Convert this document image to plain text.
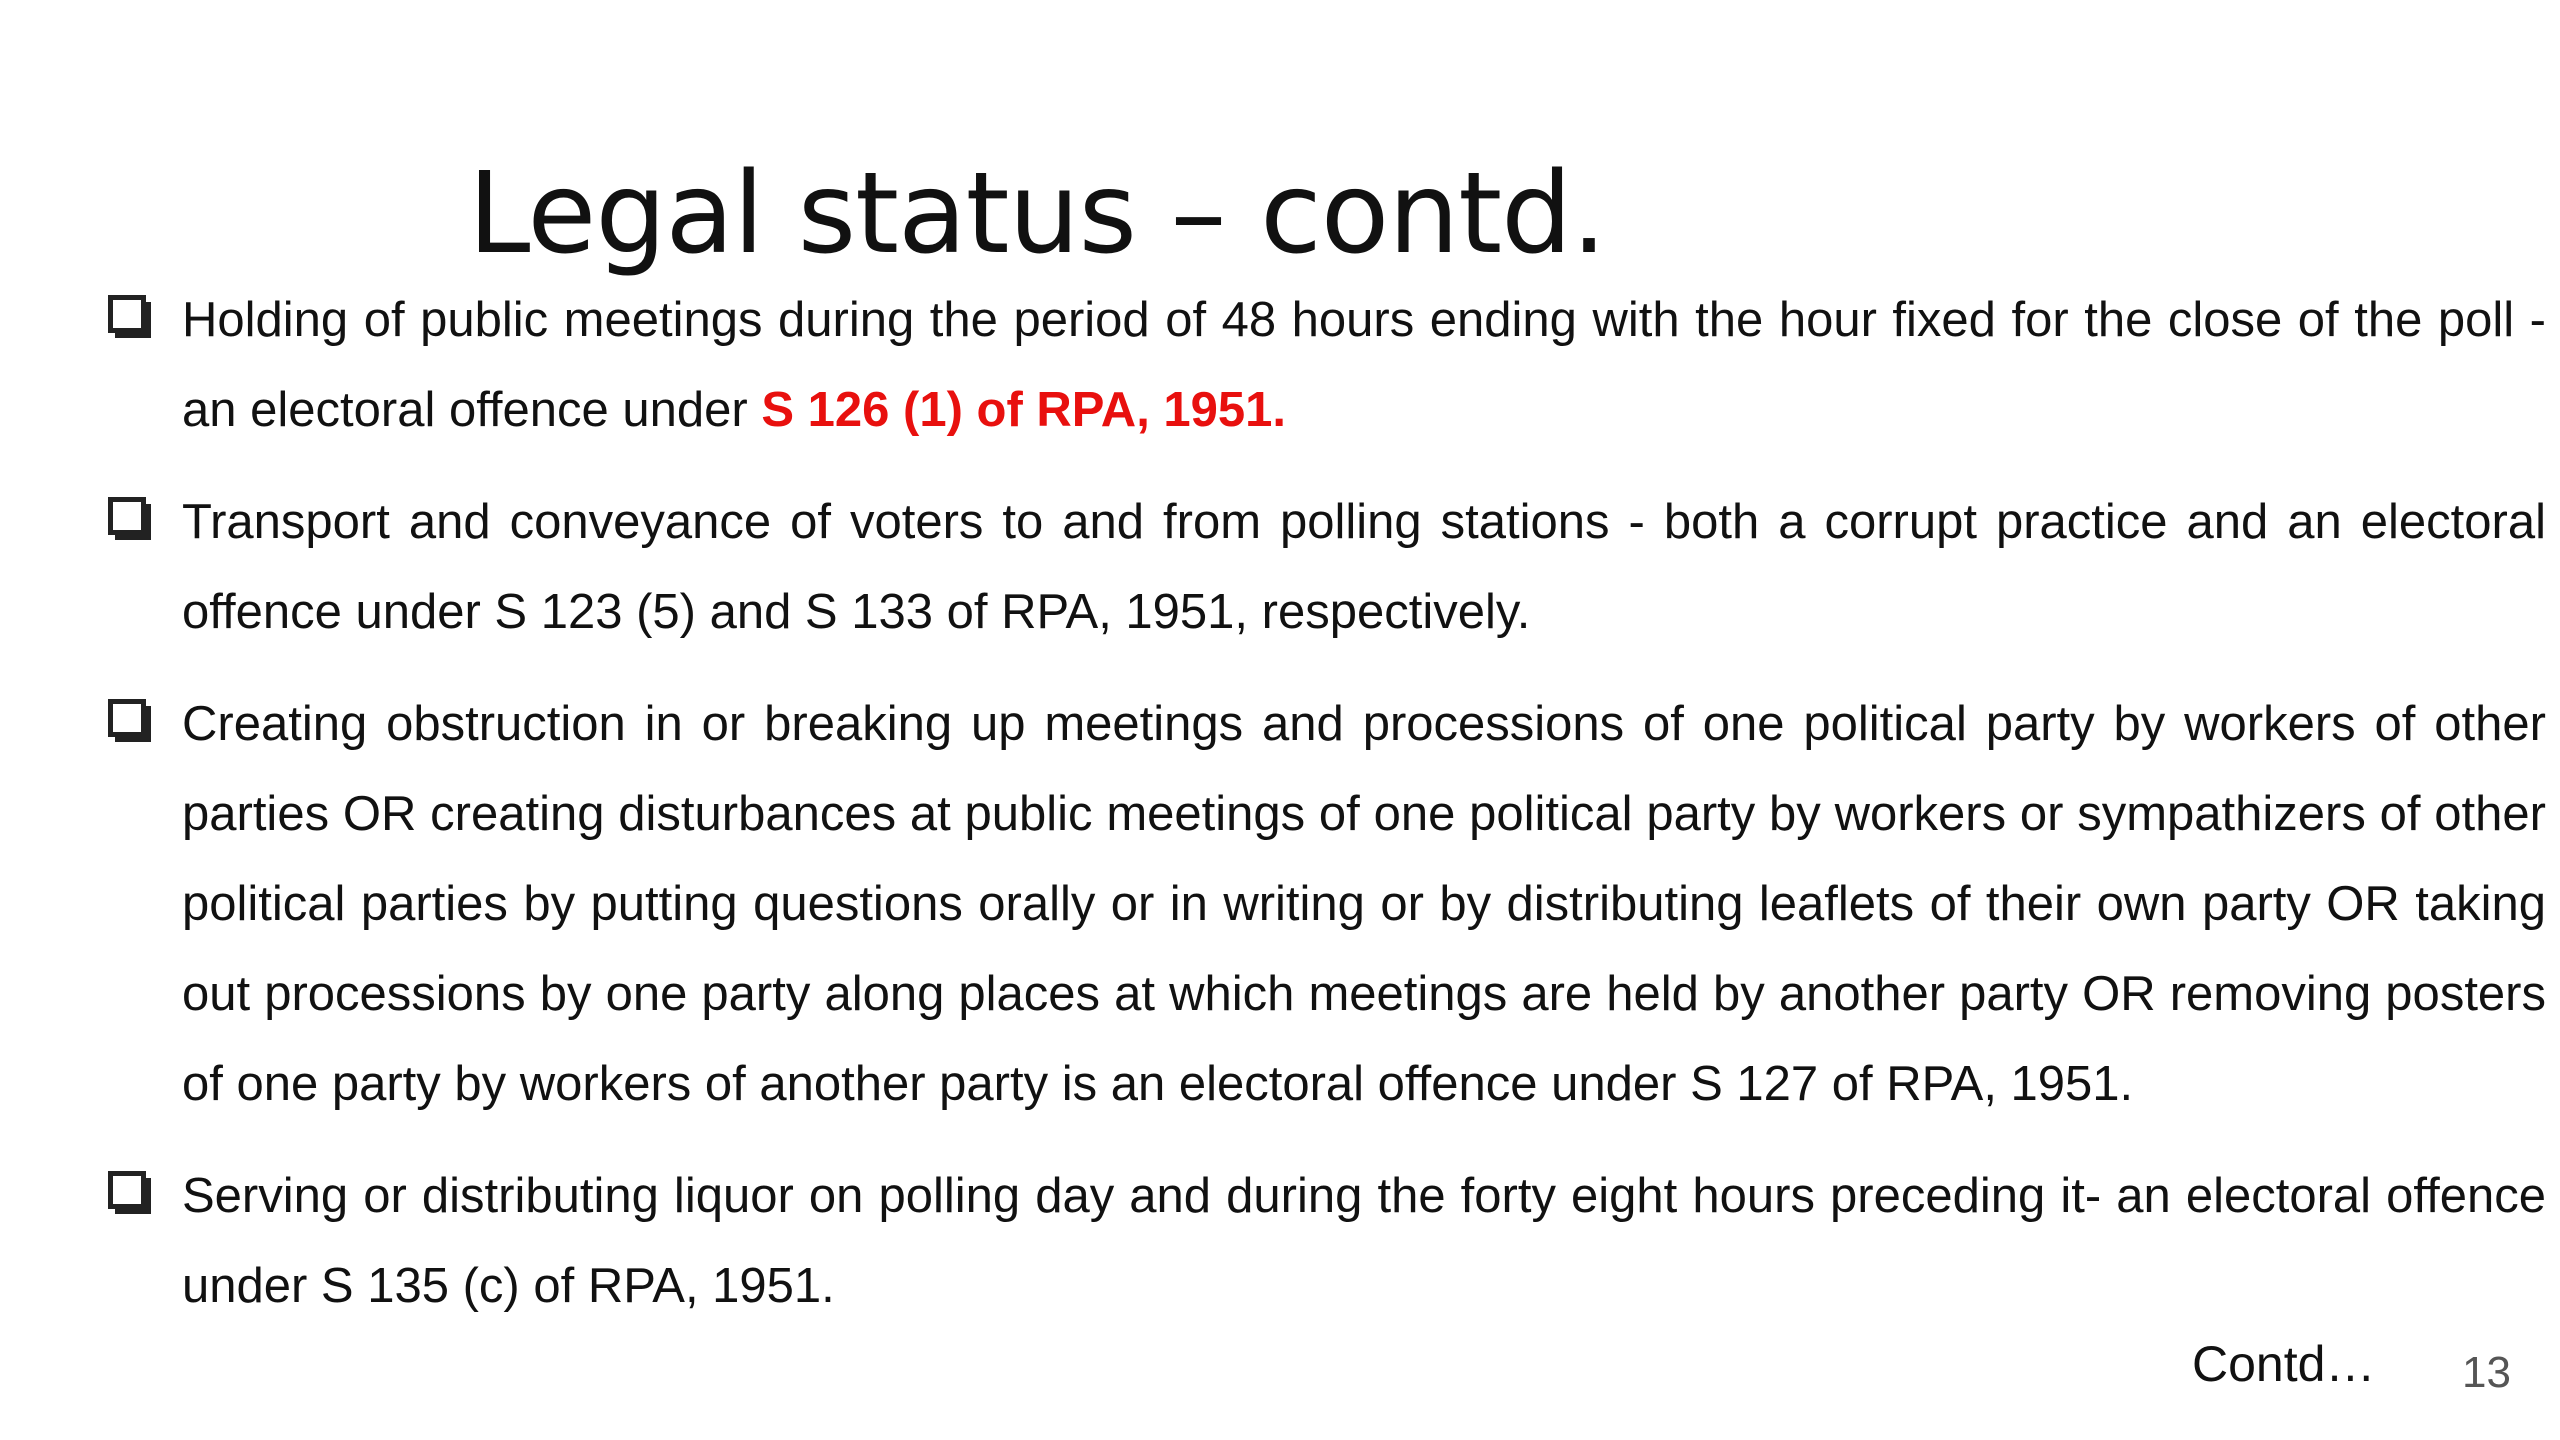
Legal status – contd.
Holding of public meetings during the period of 48 hours ending with the hour fixed for the close of the poll - an electoral offence under S 126 (1) of RPA, 1951.
Transport and conveyance of voters to and from polling stations - both a corrupt practice and an electoral offence under S 123 (5) and S 133 of RPA, 1951, respectively.
Creating obstruction in or breaking up meetings and processions of one political party by workers of other parties OR creating disturbances at public meetings of one political party by workers or sympathizers of other political parties by putting questions orally or in writing or by distributing leaflets of their own party OR taking out processions by one party along places at which meetings are held by another party OR removing posters of one party by workers of another party is an electoral offence under S 127 of RPA, 1951.
Serving or distributing liquor on polling day and during the forty eight hours preceding it- an electoral offence under S 135 (c) of RPA, 1951.
Contd… 13
